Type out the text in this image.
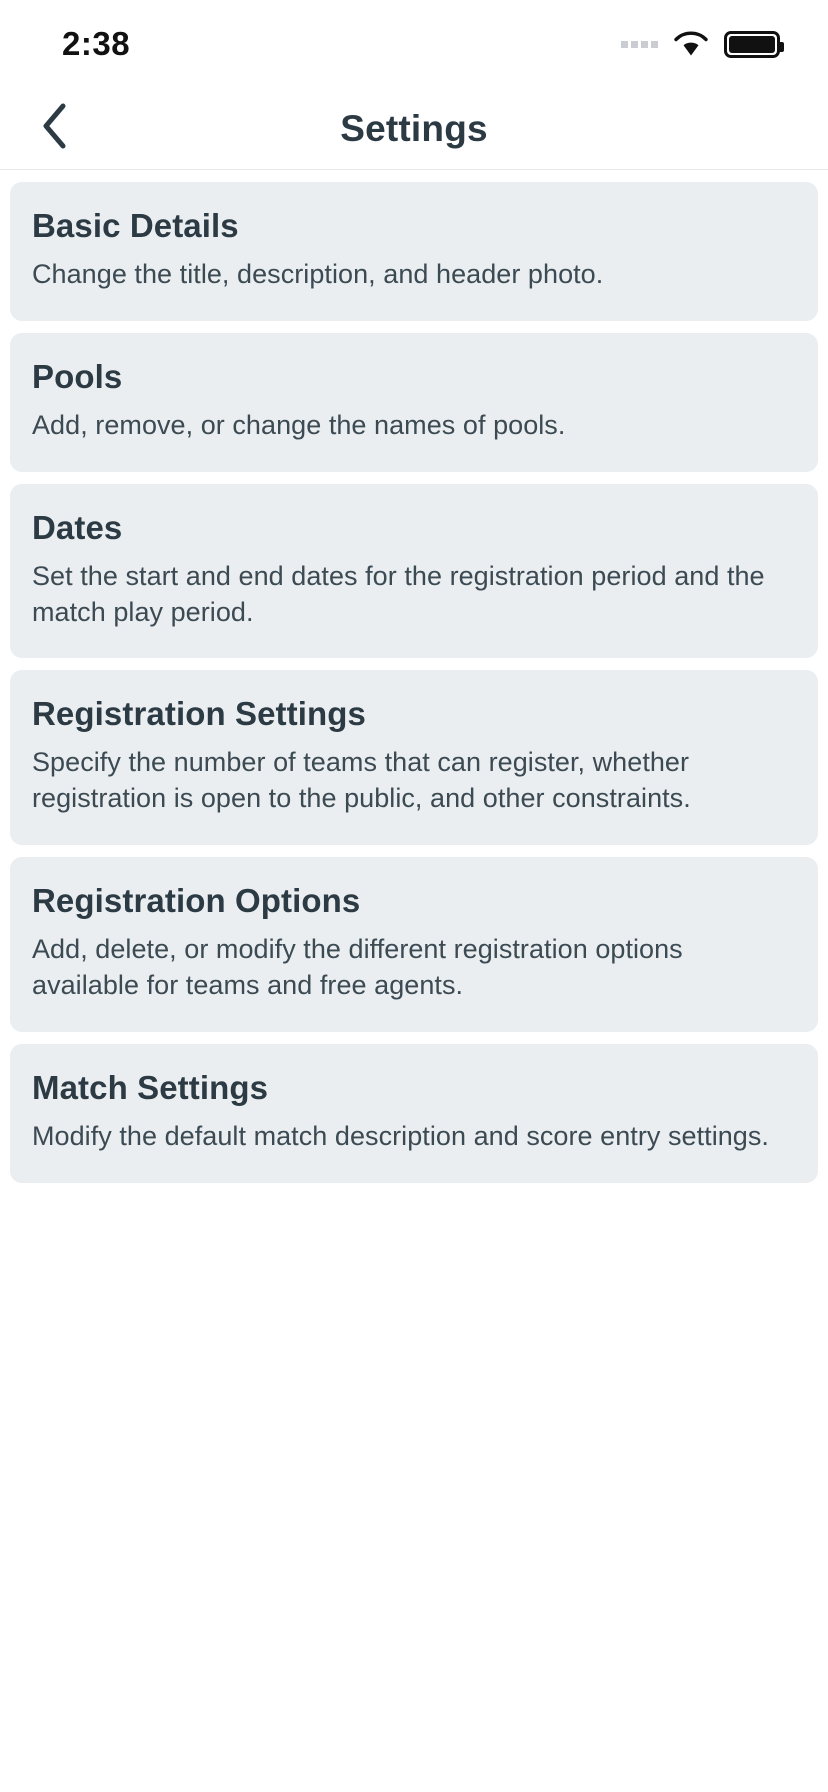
2:38
Settings
Basic Details
Change the title, description, and header photo.
Pools
Add, remove, or change the names of pools.
Dates
Set the start and end dates for the registration period and the match play period.
Registration Settings
Specify the number of teams that can register, whether registration is open to the public, and other constraints.
Registration Options
Add, delete, or modify the different registration options available for teams and free agents.
Match Settings
Modify the default match description and score entry settings.
